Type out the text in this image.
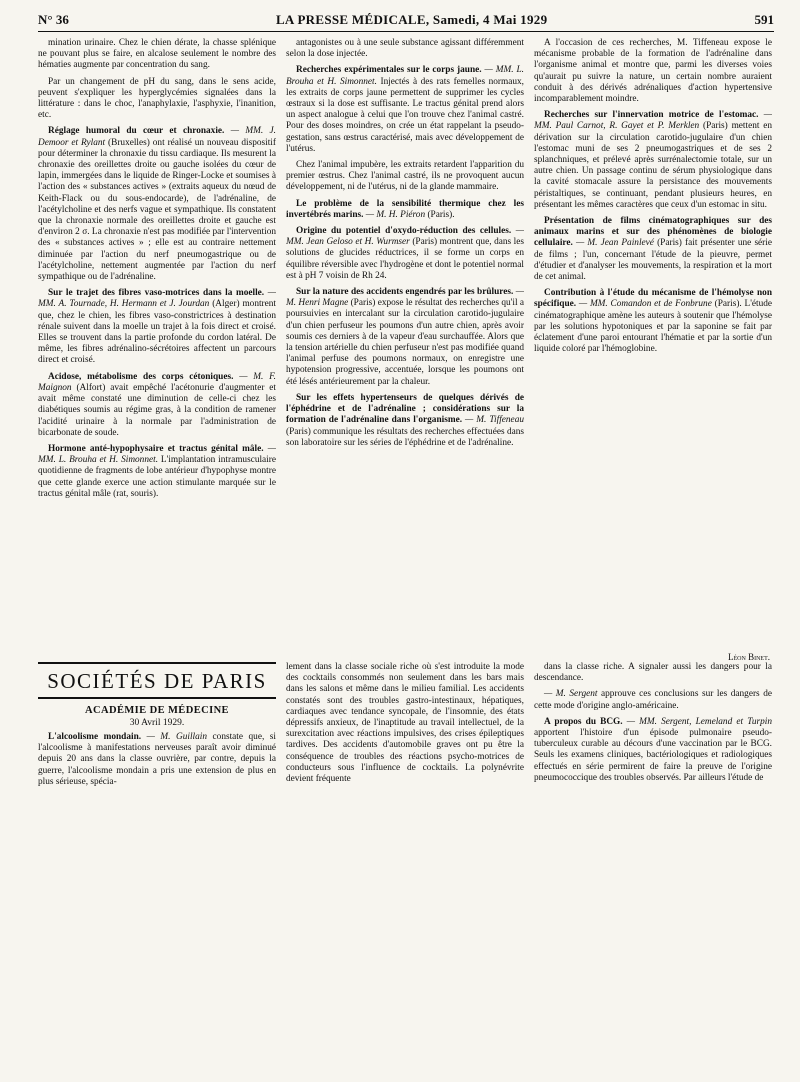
N° 36	LA PRESSE MÉDICALE, Samedi, 4 Mai 1929	591

mination urinaire. Chez le chien dérate, la chasse splénique ne pouvant plus se faire, en alcalose seulement le nombre des hématies augmente par concentration du sang.

Par un changement de pH du sang, dans le sens acide, peuvent s'expliquer les hyperglycémies signalées dans la littérature : dans le choc, l'anaphylaxie, l'asphyxie, l'inanition, etc.

Réglage humoral du cœur et chronaxie. — MM. J. Demoor et Rylant (Bruxelles) ont réalisé un nouveau dispositif pour déterminer la chronaxie du tissu cardiaque. Ils mesurent la chronaxie des oreillettes droite ou gauche isolées du cœur de lapin, immergées dans le liquide de Ringer-Locke et soumises à l'action des « substances actives » (extraits aqueux du nœud de Keith-Flack ou du sous-endocarde), de l'adrénaline, de l'acétylcholine et des nerfs vague et sympathique. Ils constatent que la chronaxie normale des oreillettes droite et gauche est d'environ 2 σ. La chronaxie n'est pas modifiée par l'intervention des « substances actives » ; elle est au contraire nettement diminuée par l'action du nerf pneumogastrique ou de l'acétylcholine, nettement augmentée par l'action du nerf sympathique ou de l'adrénaline.

Sur le trajet des fibres vaso-motrices dans la moelle. — MM. A. Tournade, H. Hermann et J. Jourdan (Alger) montrent que, chez le chien, les fibres vaso-constrictrices à destination rénale suivent dans la moelle un trajet à la fois direct et croisé. Elles se trouvent dans la partie profonde du cordon latéral. De même, les fibres adrénalino-sécrétoires affectent un parcours direct et croisé.

Acidose, métabolisme des corps cétoniques. — M. F. Maignon (Alfort) avait empêché l'acétonurie d'augmenter et avait même constaté une diminution de celle-ci chez les diabétiques soumis au régime gras, à la condition de ramener l'acidité urinaire à la normale par l'administration de bicarbonate de soude.

Hormone anté-hypophysaire et tractus génital mâle. — MM. L. Brouha et H. Simonnet. L'implantation intramusculaire quotidienne de fragments de lobe antérieur d'hypophyse montre que cette glande exerce une action stimulante marquée sur le tractus génital mâle (rat, souris).

antagonistes ou à une seule substance agissant différemment selon la dose injectée.

Recherches expérimentales sur le corps jaune. — MM. L. Brouha et H. Simonnet. Injectés à des rats femelles normaux, les extraits de corps jaune permettent de supprimer les cycles œstraux si la dose est suffisante. Le tractus génital prend alors un aspect analogue à celui que l'on trouve chez l'animal castré. Pour des doses moindres, on crée un état rappelant la pseudo-gestation, sans œstrus caractérisé, mais avec développement de l'utérus.

Chez l'animal impubère, les extraits retardent l'apparition du premier œstrus. Chez l'animal castré, ils ne provoquent aucun développement, ni de l'utérus, ni de la glande mammaire.

Le problème de la sensibilité thermique chez les invertébrés marins. — M. H. Piéron (Paris).

Origine du potentiel d'oxydo-réduction des cellules. — MM. Jean Geloso et H. Wurmser (Paris) montrent que, dans les solutions de glucides réductrices, il se forme un corps en équilibre réversible avec l'hydrogène et dont le potentiel normal est à pH 7 voisin de Rh 24.

Sur la nature des accidents engendrés par les brûlures. — M. Henri Magne (Paris) expose le résultat des recherches qu'il a poursuivies en intercalant sur la circulation carotido-jugulaire d'un chien perfuseur les poumons d'un autre chien, après avoir soumis ces derniers à de la vapeur d'eau surchauffée. Alors que la tension artérielle du chien perfuseur n'est pas modifiée quand l'animal perfuse des poumons normaux, on enregistre une hypotension progressive, accentuée, lorsque les poumons ont été lésés antérieurement par la chaleur.

Sur les effets hypertenseurs de quelques dérivés de l'éphédrine et de l'adrénaline ; considérations sur la formation de l'adrénaline dans l'organisme. — M. Tiffeneau (Paris) communique les résultats des recherches effectuées dans son laboratoire sur les séries de l'éphédrine et de l'adrénaline.

A l'occasion de ces recherches, M. Tiffeneau expose le mécanisme probable de la formation de l'adrénaline dans l'organisme animal et montre que, parmi les diverses voies qu'aurait pu suivre la nature, un certain nombre auraient conduit à des dérivés adrénaliques d'action hypertensive incomparablement moindre.

Recherches sur l'innervation motrice de l'estomac. — MM. Paul Carnot, R. Gayet et P. Merklen (Paris) mettent en dérivation sur la circulation carotido-jugulaire d'un chien l'estomac muni de ses 2 pneumogastriques et de ses 2 splanchniques, et prélevé après surrénalectomie totale, sur un autre chien. Un passage continu de sérum physiologique dans la cavité stomacale assure la persistance des mouvements péristaltiques, se continuant, pendant plusieurs heures, en présentant les mêmes caractères que ceux d'un estomac in situ.

Présentation de films cinématographiques sur des animaux marins et sur des phénomènes de biologie cellulaire. — M. Jean Painlevé (Paris) fait présenter une série de films ; l'un, concernant l'étude de la pieuvre, permet d'étudier et d'analyser les mouvements, la respiration et la mort de cet animal.

Contribution à l'étude du mécanisme de l'hémolyse non spécifique. — MM. Comandon et de Fonbrune (Paris). L'étude cinématographique amène les auteurs à soutenir que l'hémolyse par les solutions hypotoniques et par la saponine se fait par éclatement d'une paroi entourant l'hématie et par la sortie d'un liquide coloré par l'hémoglobine.

Léon Binet.
SOCIÉTÉS DE PARIS
ACADÉMIE DE MÉDECINE
30 Avril 1929.

L'alcoolisme mondain. — M. Guillain constate que, si l'alcoolisme à manifestations nerveuses paraît avoir diminué depuis 20 ans dans la classe ouvrière, par contre, depuis la guerre, l'alcoolisme mondain a pris une extension de plus en plus sérieuse, spécia-

lement dans la classe sociale riche où s'est introduite la mode des cocktails consommés non seulement dans les bars mais dans les salons et même dans le milieu familial. Les accidents constatés sont des troubles gastro-intestinaux, hépatiques, cardiaques avec tendance syncopale, de l'insomnie, des états dépressifs anxieux, de l'inaptitude au travail intellectuel, de la surexcitation avec réactions impulsives, des crises épileptiques tardives. Des accidents d'automobile graves ont pu être la conséquence de troubles des réactions psycho-motrices de conducteurs sous l'influence de cocktails. La polynévrite devient fréquente

dans la classe riche. A signaler aussi les dangers pour la descendance.

— M. Sergent approuve ces conclusions sur les dangers de cette mode d'origine anglo-américaine.

A propos du BCG. — MM. Sergent, Lemeland et Turpin apportent l'histoire d'un épisode pulmonaire pseudo-tuberculeux curable au décours d'une vaccination par le BCG. Seuls les examens cliniques, bactériologiques et radiologiques effectués en série permirent de faire la preuve de l'origine pneumococcique des troubles observés. Par ailleurs l'étude de
